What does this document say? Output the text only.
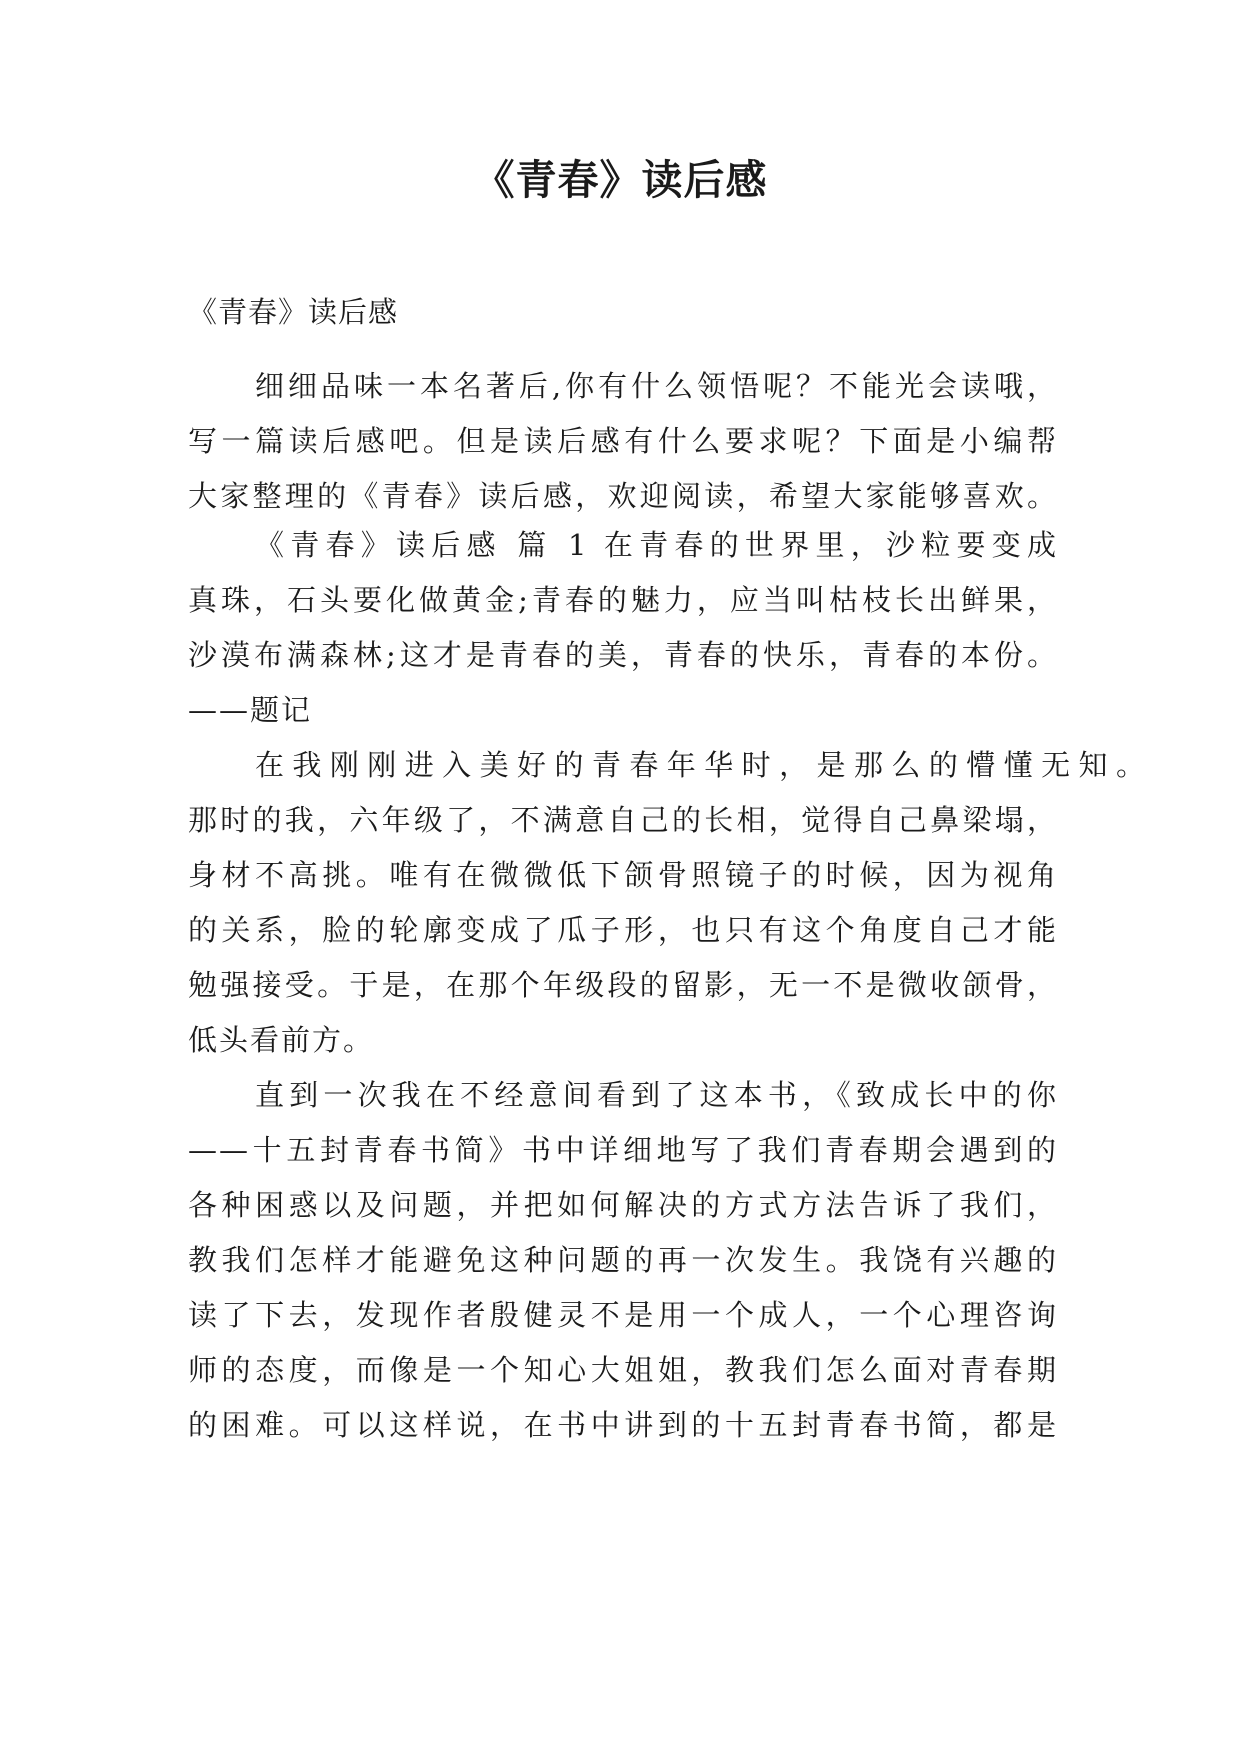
《青春》读后感
《青春》读后感
细细品味一本名著后,你有什么领悟呢？不能光会读哦，
写一篇读后感吧。但是读后感有什么要求呢？下面是小编帮
大家整理的《青春》读后感，欢迎阅读，希望大家能够喜欢。
《青春》读后感 篇 1 在青春的世界里，沙粒要变成
真珠，石头要化做黄金;青春的魅力，应当叫枯枝长出鲜果，
沙漠布满森林;这才是青春的美，青春的快乐，青春的本份。
——题记
在我刚刚进入美好的青春年华时，是那么的懵懂无知。
那时的我，六年级了，不满意自己的长相，觉得自己鼻梁塌，
身材不高挑。唯有在微微低下颌骨照镜子的时候，因为视角
的关系，脸的轮廓变成了瓜子形，也只有这个角度自己才能
勉强接受。于是，在那个年级段的留影，无一不是微收颌骨，
低头看前方。
直到一次我在不经意间看到了这本书，《致成长中的你
——十五封青春书简》书中详细地写了我们青春期会遇到的
各种困惑以及问题，并把如何解决的方式方法告诉了我们，
教我们怎样才能避免这种问题的再一次发生。我饶有兴趣的
读了下去，发现作者殷健灵不是用一个成人，一个心理咨询
师的态度，而像是一个知心大姐姐，教我们怎么面对青春期
的困难。可以这样说，在书中讲到的十五封青春书简，都是
